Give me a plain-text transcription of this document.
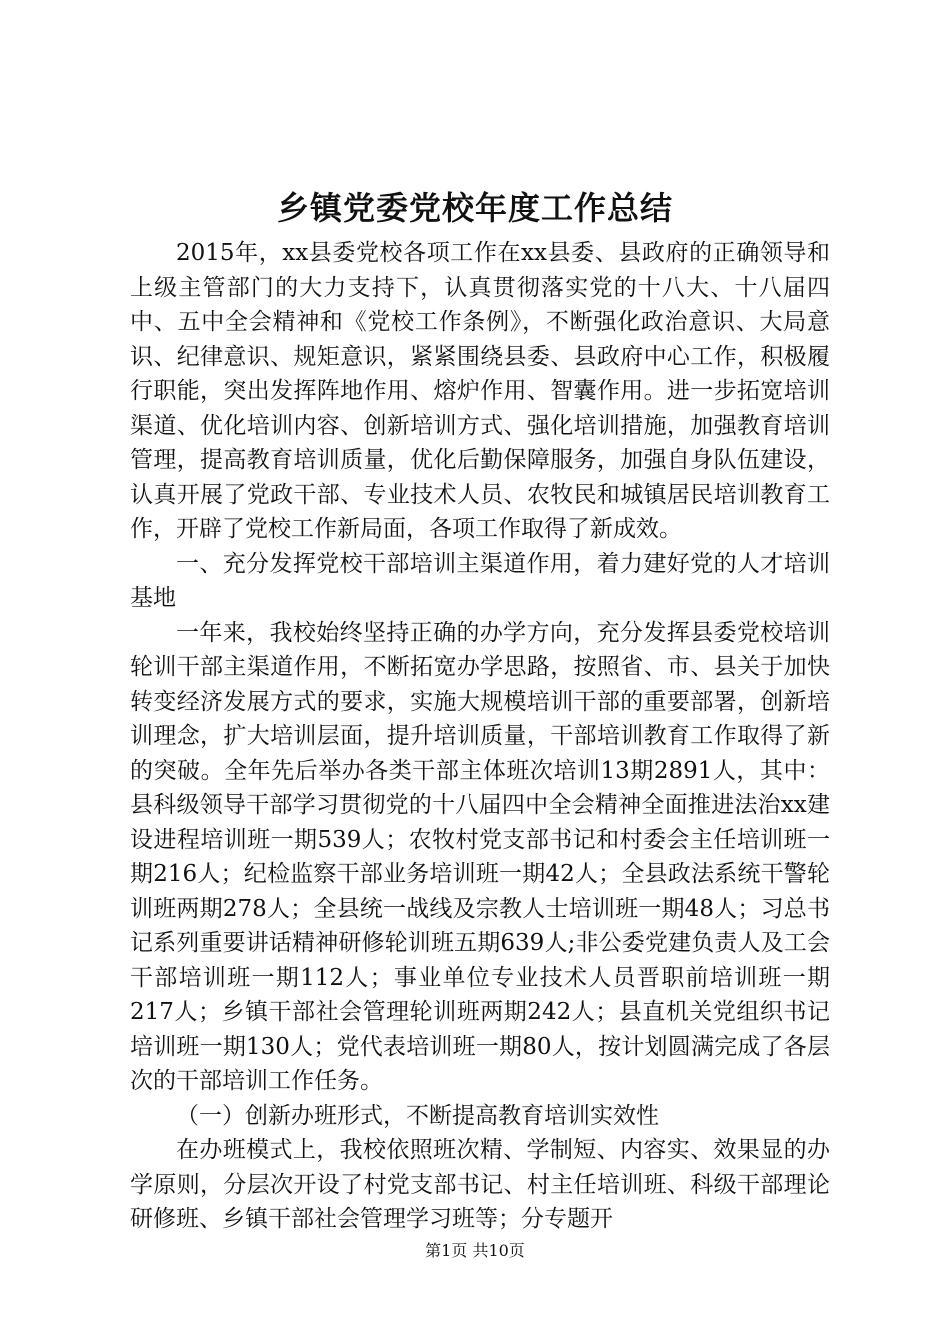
乡镇党委党校年度工作总结

2015年，xx县委党校各项工作在xx县委、县政府的正确领导和上级主管部门的大力支持下，认真贯彻落实党的十八大、十八届四中、五中全会精神和《党校工作条例》，不断强化政治意识、大局意识、纪律意识、规矩意识，紧紧围绕县委、县政府中心工作，积极履行职能，突出发挥阵地作用、熔炉作用、智囊作用。进一步拓宽培训渠道、优化培训内容、创新培训方式、强化培训措施，加强教育培训管理，提高教育培训质量，优化后勤保障服务，加强自身队伍建设，认真开展了党政干部、专业技术人员、农牧民和城镇居民培训教育工作，开辟了党校工作新局面，各项工作取得了新成效。

一、充分发挥党校干部培训主渠道作用，着力建好党的人才培训基地

一年来，我校始终坚持正确的办学方向，充分发挥县委党校培训轮训干部主渠道作用，不断拓宽办学思路，按照省、市、县关于加快转变经济发展方式的要求，实施大规模培训干部的重要部署，创新培训理念，扩大培训层面，提升培训质量，干部培训教育工作取得了新的突破。全年先后举办各类干部主体班次培训13期2891人，其中：县科级领导干部学习贯彻党的十八届四中全会精神全面推进法治xx建设进程培训班一期539人；农牧村党支部书记和村委会主任培训班一期216人；纪检监察干部业务培训班一期42人；全县政法系统干警轮训班两期278人；全县统一战线及宗教人士培训班一期48人；习总书记系列重要讲话精神研修轮训班五期639人;非公委党建负责人及工会干部培训班一期112人；事业单位专业技术人员晋职前培训班一期217人；乡镇干部社会管理轮训班两期242人；县直机关党组织书记培训班一期130人；党代表培训班一期80人，按计划圆满完成了各层次的干部培训工作任务。

（一）创新办班形式，不断提高教育培训实效性

在办班模式上，我校依照班次精、学制短、内容实、效果显的办学原则，分层次开设了村党支部书记、村主任培训班、科级干部理论研修班、乡镇干部社会管理学习班等；分专题开

第1页 共10页
